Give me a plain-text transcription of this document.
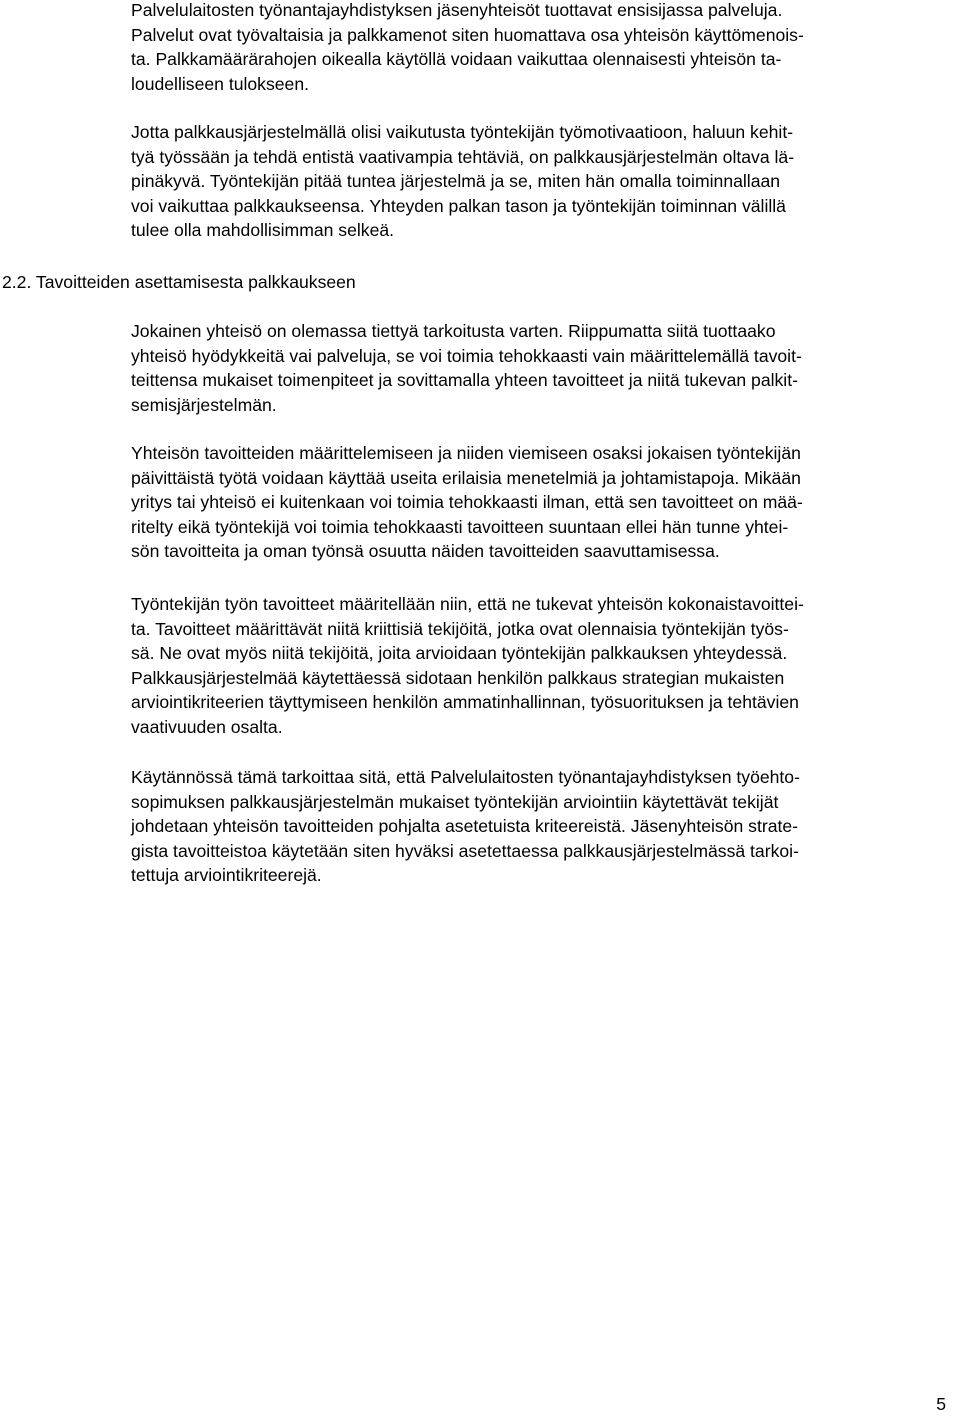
Palvelulaitosten työnantajayhdistyksen jäsenyhteisöt tuottavat ensisijassa palveluja.
Palvelut ovat työvaltaisia ja palkkamenot siten huomattava osa yhteisön käyttömenois-
ta. Palkkamäärärahojen oikealla käytöllä voidaan vaikuttaa olennaisesti yhteisön ta-
loudelliseen tulokseen.
Jotta palkkausjärjestelmällä olisi vaikutusta työntekijän työmotivaatioon, haluun kehit-
tyä työssään ja tehdä entistä vaativampia tehtäviä, on palkkausjärjestelmän oltava lä-
pinäkyvä. Työntekijän pitää tuntea järjestelmä ja se, miten hän omalla toiminnallaan
voi vaikuttaa palkkaukseensa. Yhteyden palkan tason ja työntekijän toiminnan välillä
tulee olla mahdollisimman selkeä.
2.2. Tavoitteiden asettamisesta palkkaukseen
Jokainen yhteisö on olemassa tiettyä tarkoitusta varten. Riippumatta siitä tuottaako
yhteisö hyödykkeitä vai palveluja, se voi toimia tehokkaasti vain määrittelemällä tavoit-
teittensa mukaiset toimenpiteet ja sovittamalla yhteen tavoitteet ja niitä tukevan palkit-
semisjärjestelmän.
Yhteisön tavoitteiden määrittelemiseen ja niiden viemiseen osaksi jokaisen työntekijän
päivittäistä työtä voidaan käyttää useita erilaisia menetelmiä ja johtamistapoja. Mikään
yritys tai yhteisö ei kuitenkaan voi toimia tehokkaasti ilman, että sen tavoitteet on mää-
ritelty eikä työntekijä voi toimia tehokkaasti tavoitteen suuntaan ellei hän tunne yhtei-
sön tavoitteita ja oman työnsä osuutta näiden tavoitteiden saavuttamisessa.
Työntekijän työn tavoitteet määritellään niin, että ne tukevat yhteisön kokonaistavoittei-
ta. Tavoitteet määrittävät niitä kriittisiä tekijöitä, jotka ovat olennaisia työntekijän työs-
sä. Ne ovat myös niitä tekijöitä, joita arvioidaan työntekijän palkkauksen yhteydessä.
Palkkausjärjestelmää käytettäessä sidotaan henkilön palkkaus strategian mukaisten
arviointikriteerien täyttymiseen henkilön ammatinhallinnan, työsuorituksen ja tehtävien
vaativuuden osalta.
Käytännössä tämä tarkoittaa sitä, että Palvelulaitosten työnantajayhdistyksen työehto-
sopimuksen palkkausjärjestelmän mukaiset työntekijän arviointiin käytettävät tekijät
johdetaan yhteisön tavoitteiden pohjalta asetetuista kriteereistä. Jäsenyhteisön strate-
gista tavoitteistoa käytetään siten hyväksi asetettaessa palkkausjärjestelmässä tarkoi-
tettuja arviointikriteerejä.
5
